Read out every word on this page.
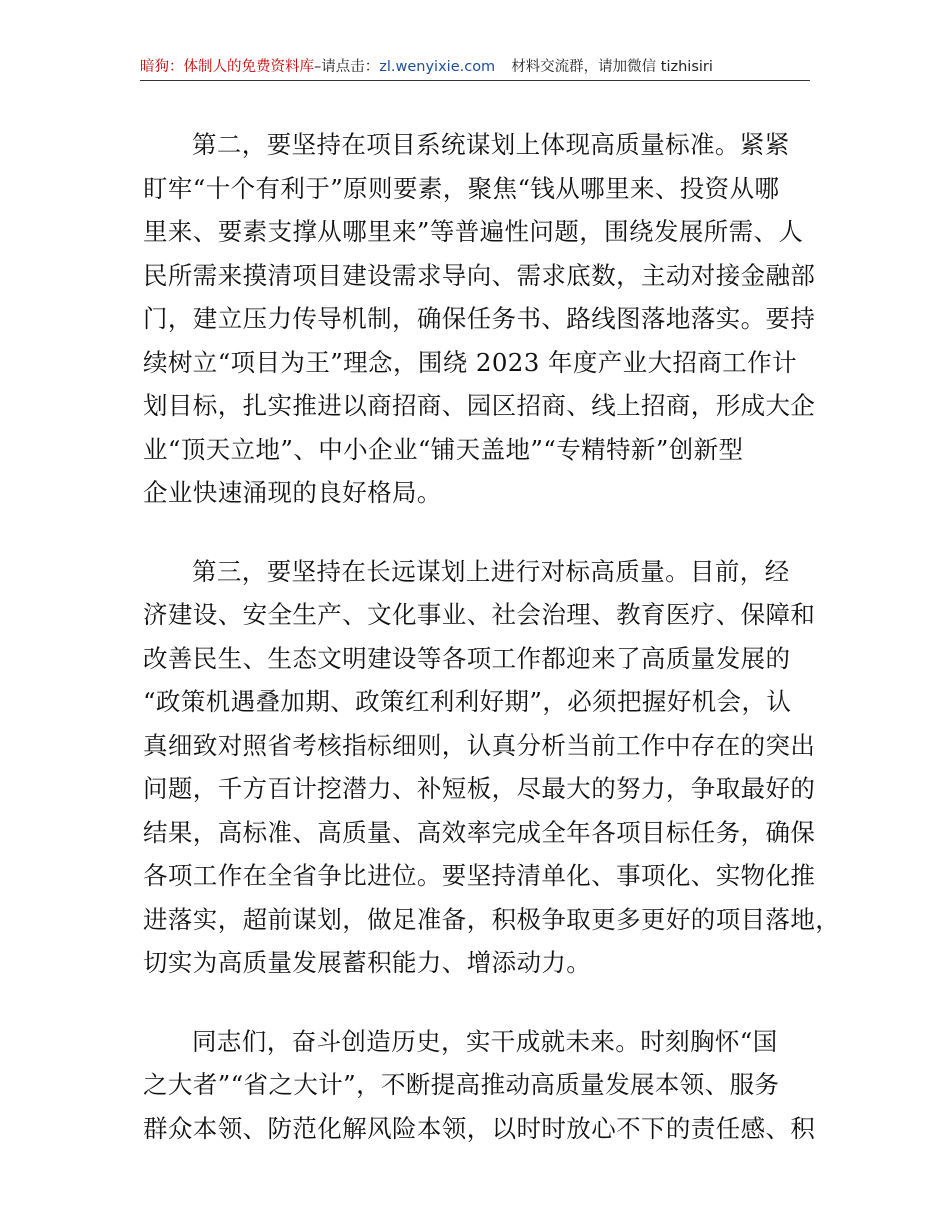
暗狗：体制人的免费资料库–请点击：zl.wenyixie.com 材料交流群，请加微信 tizhisiri
第二，要坚持在项目系统谋划上体现高质量标准。紧紧
盯牢“十个有利于”原则要素，聚焦“钱从哪里来、投资从哪
里来、要素支撑从哪里来”等普遍性问题，围绕发展所需、人
民所需来摸清项目建设需求导向、需求底数，主动对接金融部
门，建立压力传导机制，确保任务书、路线图落地落实。要持
续树立“项目为王”理念，围绕 2023 年度产业大招商工作计
划目标，扎实推进以商招商、园区招商、线上招商，形成大企
业“顶天立地”、中小企业“铺天盖地”“专精特新”创新型
企业快速涌现的良好格局。
第三，要坚持在长远谋划上进行对标高质量。目前，经
济建设、安全生产、文化事业、社会治理、教育医疗、保障和
改善民生、生态文明建设等各项工作都迎来了高质量发展的
“政策机遇叠加期、政策红利利好期”，必须把握好机会，认
真细致对照省考核指标细则，认真分析当前工作中存在的突出
问题，千方百计挖潜力、补短板，尽最大的努力，争取最好的
结果，高标准、高质量、高效率完成全年各项目标任务，确保
各项工作在全省争比进位。要坚持清单化、事项化、实物化推
进落实，超前谋划，做足准备，积极争取更多更好的项目落地，
切实为高质量发展蓄积能力、增添动力。
同志们，奋斗创造历史，实干成就未来。时刻胸怀“国
之大者”“省之大计”，不断提高推动高质量发展本领、服务
群众本领、防范化解风险本领，以时时放心不下的责任感、积
